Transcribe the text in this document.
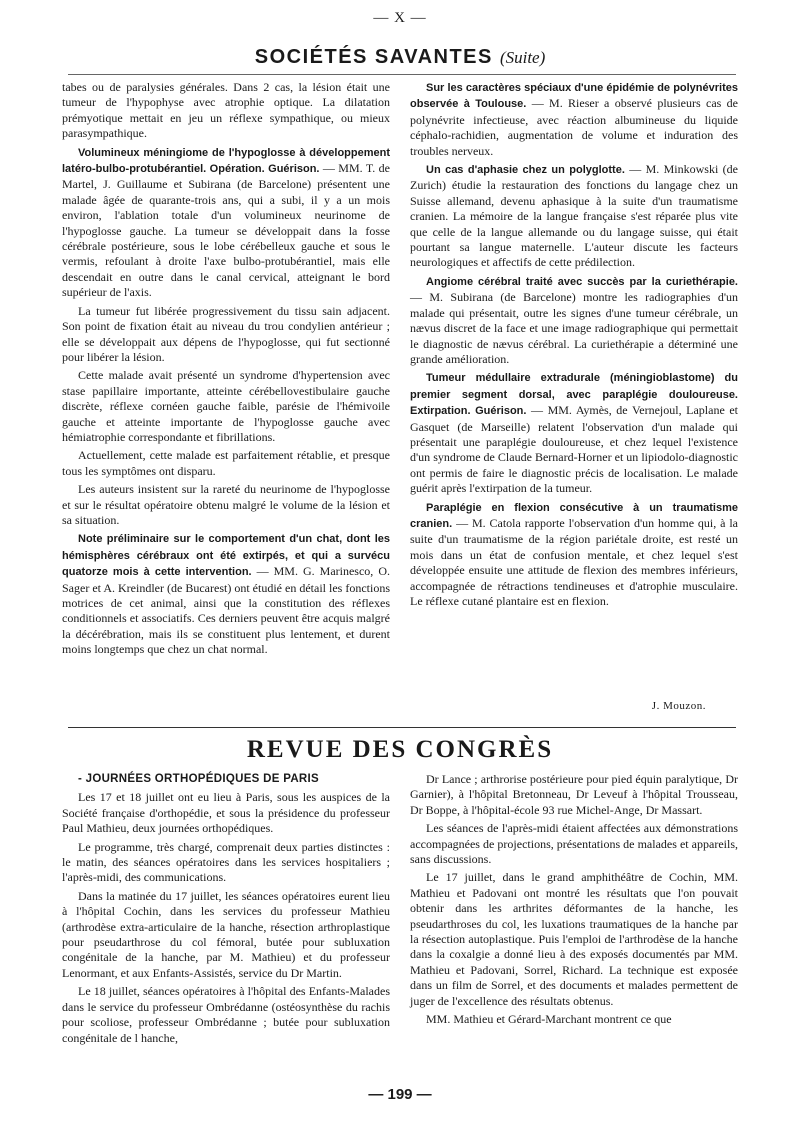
— X —
SOCIÉTÉS SAVANTES (Suite)

tabes ou de paralysies générales. Dans 2 cas, la lésion était une tumeur de l'hypophyse avec atrophie optique. La dilatation prémyotique mettait en jeu un réflexe sympathique, ou mieux parasympathique.

Volumineux méningiome de l'hypoglosse à développement latéro-bulbo-protubérantiel. Opération. Guérison. — MM. T. de Martel, J. Guillaume et Subirana (de Barcelone) présentent une malade âgée de quarante-trois ans, qui a subi, il y a un mois environ, l'ablation totale d'un volumineux neurinome de l'hypoglosse gauche. La tumeur se développait dans la fosse cérébrale postérieure, sous le lobe cérébelleux gauche et sous le vermis, refoulant à droite l'axe bulbo-protubérantiel, mais elle descendait en outre dans le canal cervical, atteignant le bord supérieur de l'axis.

La tumeur fut libérée progressivement du tissu sain adjacent. Son point de fixation était au niveau du trou condylien antérieur ; elle se développait aux dépens de l'hypoglosse, qui fut sectionné pour libérer la lésion.

Cette malade avait présenté un syndrome d'hypertension avec stase papillaire importante, atteinte cérébellovestibulaire gauche discrète, réflexe cornéen gauche faible, parésie de l'hémivoile gauche et atteinte importante de l'hypoglosse gauche avec hémiatrophie correspondante et fibrillations.

Actuellement, cette malade est parfaitement rétablie, et presque tous les symptômes ont disparu.

Les auteurs insistent sur la rareté du neurinome de l'hypoglosse et sur le résultat opératoire obtenu malgré le volume de la lésion et sa situation.

Note préliminaire sur le comportement d'un chat, dont les hémisphères cérébraux ont été extirpés, et qui a survécu quatorze mois à cette intervention. — MM. G. Marinesco, O. Sager et A. Kreindler (de Bucarest) ont étudié en détail les fonctions motrices de cet animal, ainsi que la constitution des réflexes conditionnels et associatifs. Ces derniers peuvent être acquis malgré la décérébration, mais ils se constituent plus lentement, et durent moins longtemps que chez un chat normal.

Sur les caractères spéciaux d'une épidémie de polynévrites observée à Toulouse. — M. Rieser a observé plusieurs cas de polynévrite infectieuse, avec réaction albumineuse du liquide céphalo-rachidien, augmentation de volume et induration des troubles nerveux.

Un cas d'aphasie chez un polyglotte. — M. Minkowski (de Zurich) étudie la restauration des fonctions du langage chez un Suisse allemand, devenu aphasique à la suite d'un traumatisme cranien. La mémoire de la langue française s'est réparée plus vite que celle de la langue allemande ou du langage suisse, qui était pourtant sa langue maternelle. L'auteur discute les facteurs neurologiques et affectifs de cette prédilection.

Angiome cérébral traité avec succès par la curiethérapie. — M. Subirana (de Barcelone) montre les radiographies d'un malade qui présentait, outre les signes d'une tumeur cérébrale, un nævus discret de la face et une image radiographique qui permettait le diagnostic de nævus cérébral. La curiethérapie a déterminé une grande amélioration.

Tumeur médullaire extradurale (méningioblastome) du premier segment dorsal, avec paraplégie douloureuse. Extirpation. Guérison. — MM. Aymès, de Vernejoul, Laplane et Gasquet (de Marseille) relatent l'observation d'un malade qui présentait une paraplégie douloureuse, et chez lequel l'existence d'un syndrome de Claude Bernard-Horner et un lipiodolo-diagnostic ont permis de faire le diagnostic précis de localisation. Le malade guérit après l'extirpation de la tumeur.

Paraplégie en flexion consécutive à un traumatisme cranien. — M. Catola rapporte l'observation d'un homme qui, à la suite d'un traumatisme de la région pariétale droite, est resté un mois dans un état de confusion mentale, et chez lequel s'est développée ensuite une attitude de flexion des membres inférieurs, accompagnée de rétractions tendineuses et d'atrophie musculaire. Le réflexe cutané plantaire est en flexion.

J. Mouzon.
REVUE DES CONGRÈS

- JOURNÉES ORTHOPÉDIQUES DE PARIS

Les 17 et 18 juillet ont eu lieu à Paris, sous les auspices de la Société française d'orthopédie, et sous la présidence du professeur Paul Mathieu, deux journées orthopédiques.

Le programme, très chargé, comprenait deux parties distinctes : le matin, des séances opératoires dans les services hospitaliers ; l'après-midi, des communications.

Dans la matinée du 17 juillet, les séances opératoires eurent lieu à l'hôpital Cochin, dans les services du professeur Mathieu (arthrodèse extra-articulaire de la hanche, résection arthroplastique pour pseudarthrose du col fémoral, butée pour subluxation congénitale de la hanche, par M. Mathieu) et du professeur Lenormant, et aux Enfants-Assistés, service du Dr Martin.

Le 18 juillet, séances opératoires à l'hôpital des Enfants-Malades dans le service du professeur Ombrédanne (ostéosynthèse du rachis pour scoliose, professeur Ombrédanne ; butée pour subluxation congénitale de l hanche,

Dr Lance ; arthrorise postérieure pour pied équin paralytique, Dr Garnier), à l'hôpital Bretonneau, Dr Leveuf à l'hôpital Trousseau, Dr Boppe, à l'hôpital-école 93 rue Michel-Ange, Dr Massart.

Les séances de l'après-midi étaient affectées aux démonstrations accompagnées de projections, présentations de malades et appareils, sans discussions.

Le 17 juillet, dans le grand amphithéâtre de Cochin, MM. Mathieu et Padovani ont montré les résultats que l'on pouvait obtenir dans les arthrites déformantes de la hanche, les pseudarthroses du col, les luxations traumatiques de la hanche par la résection autoplastique. Puis l'emploi de l'arthrodèse de la hanche dans la coxalgie a donné lieu à des exposés documentés par MM. Mathieu et Padovani, Sorrel, Richard. La technique est exposée dans un film de Sorrel, et des documents et malades permettent de juger de l'excellence des résultats obtenus.

MM. Mathieu et Gérard-Marchant montrent ce que

— 199 —
